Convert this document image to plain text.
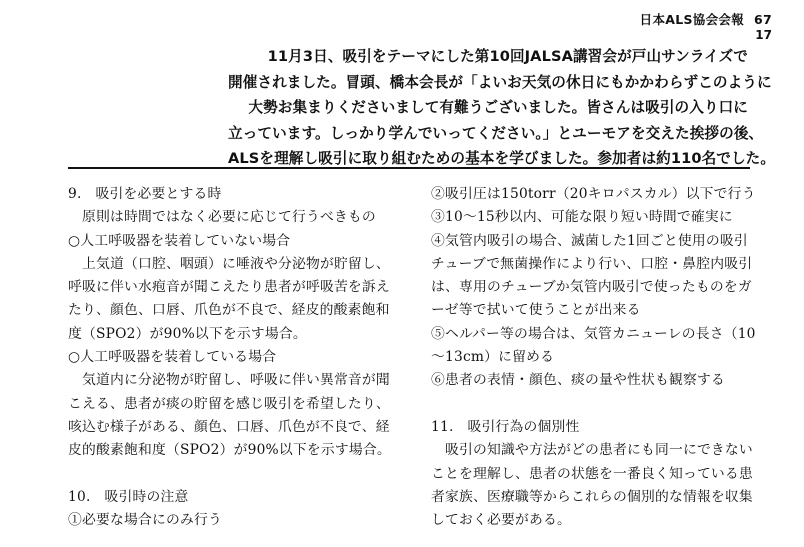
日本ALS協会会報 67
17
11月3日、吸引をテーマにした第10回JALSA講習会が戸山サンライズで
開催されました。冒頭、橋本会長が「よいお天気の休日にもかかわらずこのように
大勢お集まりくださいまして有難うございました。皆さんは吸引の入り口に
立っています。しっかり学んでいってください。」とユーモアを交えた挨拶の後、
ALSを理解し吸引に取り組むための基本を学びました。参加者は約110名でした。
9.　吸引を必要とする時
　原則は時間ではなく必要に応じて行うべきもの
○人工呼吸器を装着していない場合
　上気道（口腔、咽頭）に唾液や分泌物が貯留し、
呼吸に伴い水疱音が聞こえたり患者が呼吸苦を訴え
たり、顔色、口唇、爪色が不良で、経皮的酸素飽和
度（SPO2）が90%以下を示す場合。
○人工呼吸器を装着している場合
　気道内に分泌物が貯留し、呼吸に伴い異常音が聞
こえる、患者が痰の貯留を感じ吸引を希望したり、
咳込む様子がある、顔色、口唇、爪色が不良で、経
皮的酸素飽和度（SPO2）が90%以下を示す場合。
10.　吸引時の注意
①必要な場合にのみ行う
②吸引圧は150torr（20キロパスカル）以下で行う
③10〜15秒以内、可能な限り短い時間で確実に
④気管内吸引の場合、滅菌した1回ごと使用の吸引
チューブで無菌操作により行い、口腔・鼻腔内吸引
は、専用のチューブか気管内吸引で使ったものをガ
ーゼ等で拭いて使うことが出来る
⑤ヘルパー等の場合は、気管カニューレの長さ（10
〜13cm）に留める
⑥患者の表情・顔色、痰の量や性状も観察する
11.　吸引行為の個別性
　吸引の知識や方法がどの患者にも同一にできない
ことを理解し、患者の状態を一番良く知っている患
者家族、医療職等からこれらの個別的な情報を収集
しておく必要がある。
